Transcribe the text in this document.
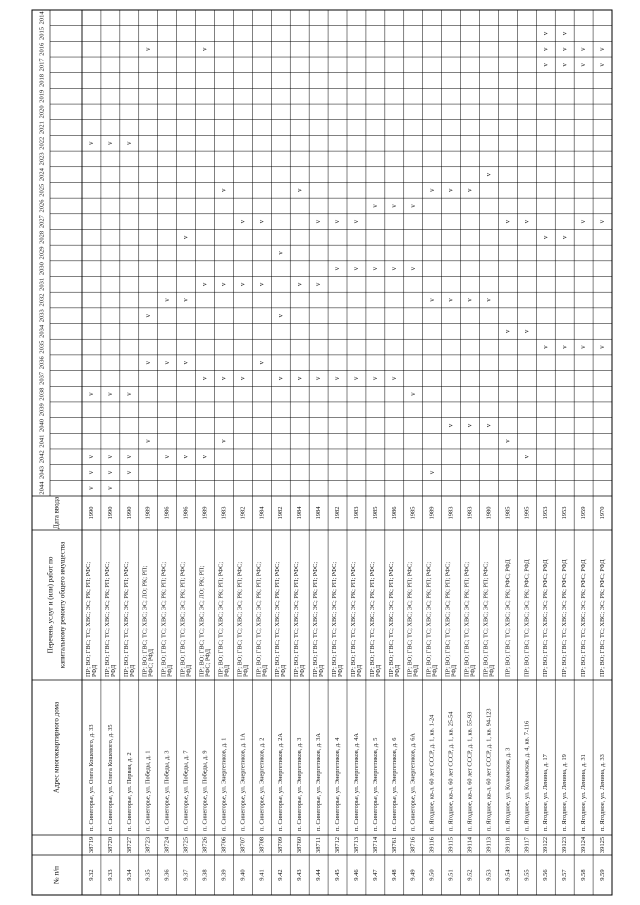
№ п/п
Адрес многоквартирного дома
Перечень услуг и (или) работ по капитальному ремонту общего имущества
Дата ввода
2014
2015
2016
2017
2018
2019
2020
2021
2022
2023
2024
2025
2026
2027
2028
2029
2030
2031
2032
2033
2034
2035
2036
2037
2038
2039
2040
2041
2042
2043
2044
9.32
38719
п. Синегорье, ул. Олега Кошевого, д. 33
ПР; ВО; ГВС; ТС; ХВС; ЭС; РК; РП; РФС; РФД
1990
v
v
v
v
v
9.33
38720
п. Синегорье, ул. Олега Кошевого, д. 35
ПР; ВО; ГВС; ТС; ХВС; ЭС; РК; РП; РФС; РФД
1990
v
v
v
v
v
9.34
38727
п. Синегорье, ул. Первая, д. 2
ПР; ВО; ГВС; ТС; ХВС; ЭС; РК; РП; РФС; РФД
1990
v
v
v
v
9.35
38723
п. Синегорье, ул. Победы, д. 1
ПР; ВО; ГВС; ТС; ХВС; ЭС; ЛО; РК; РП; РФС; РФД
1989
v
v
v
v
9.36
38724
п. Синегорье, ул. Победы, д. 3
ПР; ВО; ГВС; ТС; ХВС; ЭС; РК; РП; РФС; РФД
1986
v
v
v
9.37
38725
п. Синегорье, ул. Победы, д. 7
ПР; ВО; ГВС; ТС; ХВС; ЭС; РК; РП; РФС; РФД
1986
v
v
v
v
9.38
38726
п. Синегорье, ул. Победы, д. 9
ПР; ВО; ГВС; ТС; ХВС; ЭС; ЛО; РК; РП; РФС; РФД
1989
v
v
v
v
9.39
38706
п. Синегорье, ул. Энергетиков, д. 1
ПР; ВО; ГВС; ТС; ХВС; ЭС; РК; РП; РФС; РФД
1983
v
v
v
v
9.40
38707
п. Синегорье, ул. Энергетиков, д. 1А
ПР; ВО; ГВС; ТС; ХВС; ЭС; РК; РП; РФС; РФД
1982
v
v
v
9.41
38708
п. Синегорье, ул. Энергетиков, д. 2
ПР; ВО; ГВС; ТС; ХВС; ЭС; РК; РП; РФС; РФД
1984
v
v
v
9.42
38709
п. Синегорье, ул. Энергетиков, д. 2А
ПР; ВО; ГВС; ТС; ХВС; ЭС; РК; РП; РФС; РФД
1982
v
v
v
9.43
38760
п. Синегорье, ул. Энергетиков, д. 3
ПР; ВО; ГВС; ТС; ХВС; ЭС; РК; РП; РФС; РФД
1984
v
v
v
9.44
38711
п. Синегорье, ул. Энергетиков, д. 3А
ПР; ВО; ГВС; ТС; ХВС; ЭС; РК; РП; РФС; РФД
1984
v
v
v
9.45
38712
п. Синегорье, ул. Энергетиков, д. 4
ПР; ВО; ГВС; ТС; ХВС; ЭС; РК; РП; РФС; РФД
1982
v
v
v
9.46
38713
п. Синегорье, ул. Энергетиков, д. 4А
ПР; ВО; ГВС; ТС; ХВС; ЭС; РК; РП; РФС; РФД
1983
v
v
v
9.47
38714
п. Синегорье, ул. Энергетиков, д. 5
ПР; ВО; ГВС; ТС; ХВС; ЭС; РК; РП; РФС; РФД
1985
v
v
v
9.48
38761
п. Синегорье, ул. Энергетиков, д. 6
ПР; ВО; ГВС; ТС; ХВС; ЭС; РК; РП; РФС; РФД
1986
v
v
v
9.49
38716
п. Синегорье, ул. Энергетиков, д. 6А
ПР; ВО; ГВС; ТС; ХВС; ЭС; РК; РП; РФС; РФД
1985
v
v
v
9.50
39116
п. Ягодное, кв-л. 60 лет СССР, д. 1, кв. 1-24
ПР; ВО; ГВС; ТС; ХВС; ЭС; РК; РП; РФС; РФД
1989
v
v
v
9.51
39115
п. Ягодное, кв-л. 60 лет СССР, д. 1, кв. 25-54
ПР; ВО; ГВС; ТС; ХВС; ЭС; РК; РП; РФС; РФД
1983
v
v
v
9.52
39114
п. Ягодное, кв-л. 60 лет СССР, д. 1, кв. 55-93
ПР; ВО; ГВС; ТС; ХВС; ЭС; РК; РП; РФС; РФД
1983
v
v
v
9.53
39113
п. Ягодное, кв-л. 60 лет СССР, д. 1, кв. 94-123
ПР; ВО; ГВС; ТС; ХВС; ЭС; РК; РП; РФС; РФД
1980
v
v
v
9.54
39118
п. Ягодное, ул. Колымская, д. 3
ПР; ВО; ГВС; ТС; ХВС; ЭС; РК; РФС; РФД
1985
v
v
v
9.55
39117
п. Ягодное, ул. Колымская, д. 4, кв. 7-116
ПР; ВО; ГВС; ТС; ХВС; ЭС; РК; РФС; РФД
1995
v
v
v
9.56
39122
п. Ягодное, ул. Ленина, д. 17
ПР; ВО; ГВС; ТС; ХВС; ЭС; РК; РФС; РФД
1953
v
v
v
v
v
9.57
39123
п. Ягодное, ул. Ленина, д. 19
ПР; ВО; ГВС; ТС; ХВС; ЭС; РК; РФС; РФД
1953
v
v
v
v
v
9.58
39124
п. Ягодное, ул. Ленина, д. 31
ПР; ВО; ГВС; ТС; ХВС; ЭС; РК; РФС; РФД
1959
v
v
v
v
9.59
39125
п. Ягодное, ул. Ленина, д. 33
ПР; ВО; ГВС; ТС; ХВС; ЭС; РК; РФС; РФД
1970
v
v
v
v
